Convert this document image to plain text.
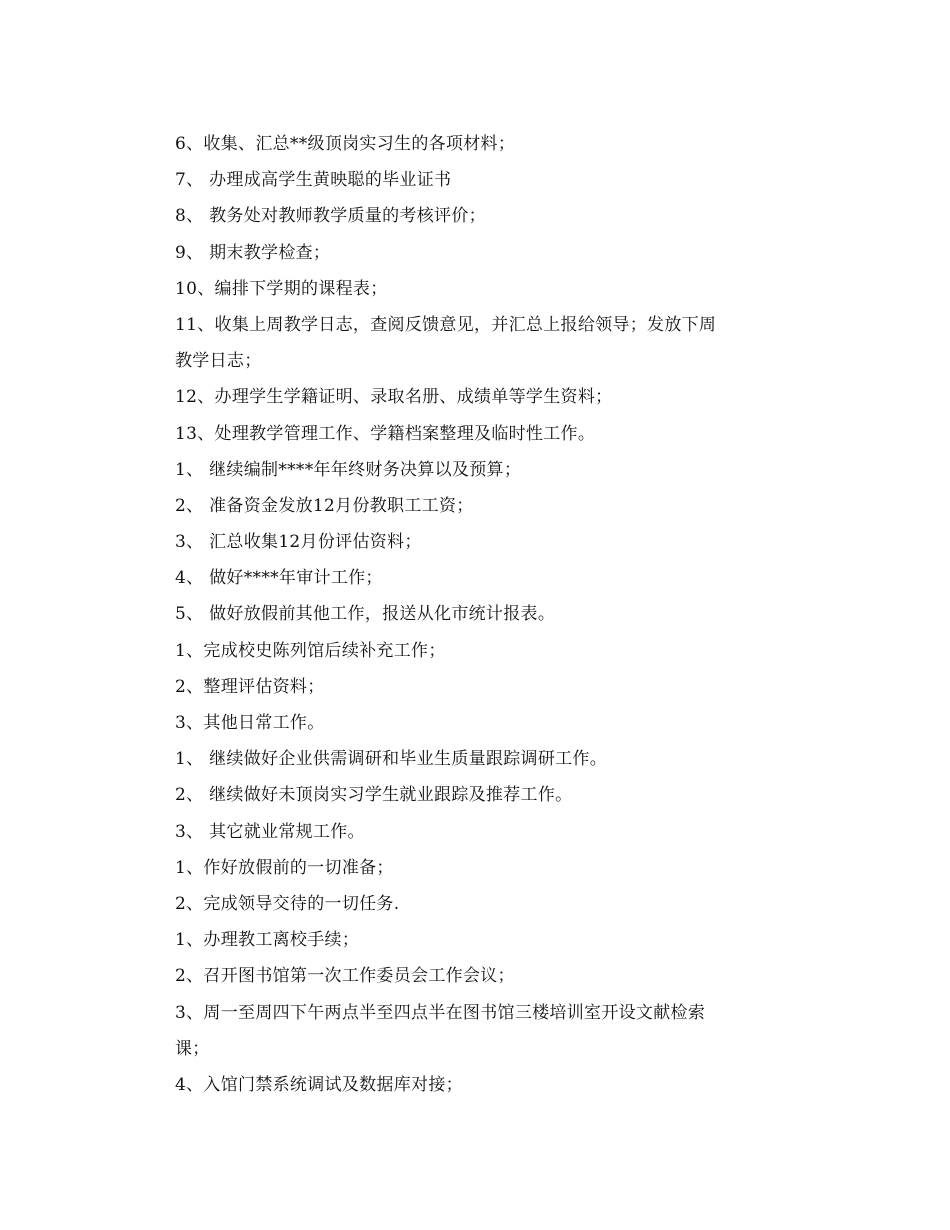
6、收集、汇总**级顶岗实习生的各项材料；
7、 办理成高学生黄映聪的毕业证书
8、 教务处对教师教学质量的考核评价；
9、 期末教学检查；
10、编排下学期的课程表；
11、收集上周教学日志，查阅反馈意见，并汇总上报给领导；发放下周
教学日志；
12、办理学生学籍证明、录取名册、成绩单等学生资料；
13、处理教学管理工作、学籍档案整理及临时性工作。
1、 继续编制****年年终财务决算以及预算；
2、 准备资金发放12月份教职工工资；
3、 汇总收集12月份评估资料；
4、 做好****年审计工作；
5、 做好放假前其他工作，报送从化市统计报表。
1、完成校史陈列馆后续补充工作；
2、整理评估资料；
3、其他日常工作。
1、 继续做好企业供需调研和毕业生质量跟踪调研工作。
2、 继续做好未顶岗实习学生就业跟踪及推荐工作。
3、 其它就业常规工作。
1、作好放假前的一切准备；
2、完成领导交待的一切任务.
1、办理教工离校手续；
2、召开图书馆第一次工作委员会工作会议；
3、周一至周四下午两点半至四点半在图书馆三楼培训室开设文献检索
课；
4、入馆门禁系统调试及数据库对接；
